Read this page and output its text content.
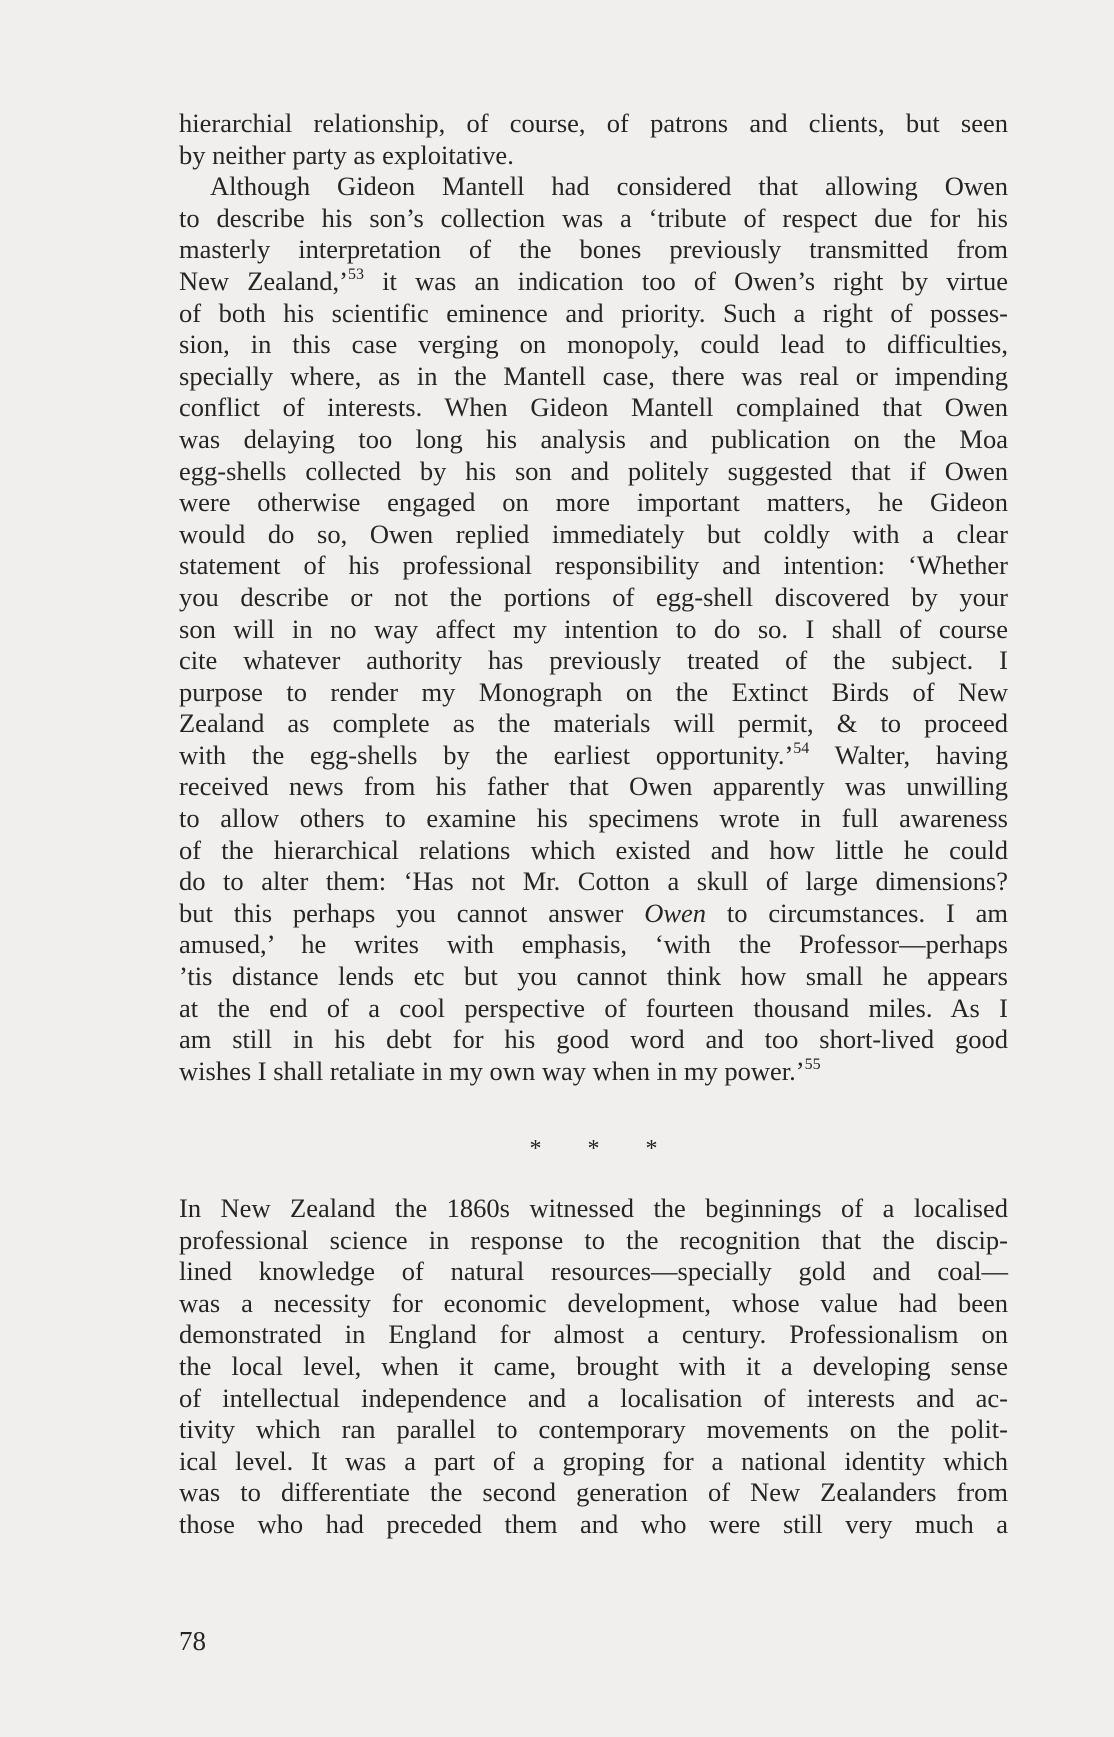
hierarchial relationship, of course, of patrons and clients, but seen
by neither party as exploitative.
Although Gideon Mantell had considered that allowing Owen
to describe his son’s collection was a ‘tribute of respect due for his
masterly interpretation of the bones previously transmitted from
New Zealand,’$^{53}$ it was an indication too of Owen’s right by virtue
of both his scientific eminence and priority. Such a right of posses-
sion, in this case verging on monopoly, could lead to difficulties,
specially where, as in the Mantell case, there was real or impending
conflict of interests. When Gideon Mantell complained that Owen
was delaying too long his analysis and publication on the Moa
egg-shells collected by his son and politely suggested that if Owen
were otherwise engaged on more important matters, he Gideon
would do so, Owen replied immediately but coldly with a clear
statement of his professional responsibility and intention: ‘Whether
you describe or not the portions of egg-shell discovered by your
son will in no way affect my intention to do so. I shall of course
cite whatever authority has previously treated of the subject. I
purpose to render my Monograph on the Extinct Birds of New
Zealand as complete as the materials will permit, & to proceed
with the egg-shells by the earliest opportunity.’$^{54}$ Walter, having
received news from his father that Owen apparently was unwilling
to allow others to examine his specimens wrote in full awareness
of the hierarchical relations which existed and how little he could
do to alter them: ‘Has not Mr. Cotton a skull of large dimensions?
but this perhaps you cannot answer Owen to circumstances. I am
amused,’ he writes with emphasis, ‘with the Professor—perhaps
’tis distance lends etc but you cannot think how small he appears
at the end of a cool perspective of fourteen thousand miles. As I
am still in his debt for his good word and too short-lived good
wishes I shall retaliate in my own way when in my power.’$^{55}$
* * *
In New Zealand the 1860s witnessed the beginnings of a localised
professional science in response to the recognition that the discip-
lined knowledge of natural resources—specially gold and coal—
was a necessity for economic development, whose value had been
demonstrated in England for almost a century. Professionalism on
the local level, when it came, brought with it a developing sense
of intellectual independence and a localisation of interests and ac-
tivity which ran parallel to contemporary movements on the polit-
ical level. It was a part of a groping for a national identity which
was to differentiate the second generation of New Zealanders from
those who had preceded them and who were still very much a
78
